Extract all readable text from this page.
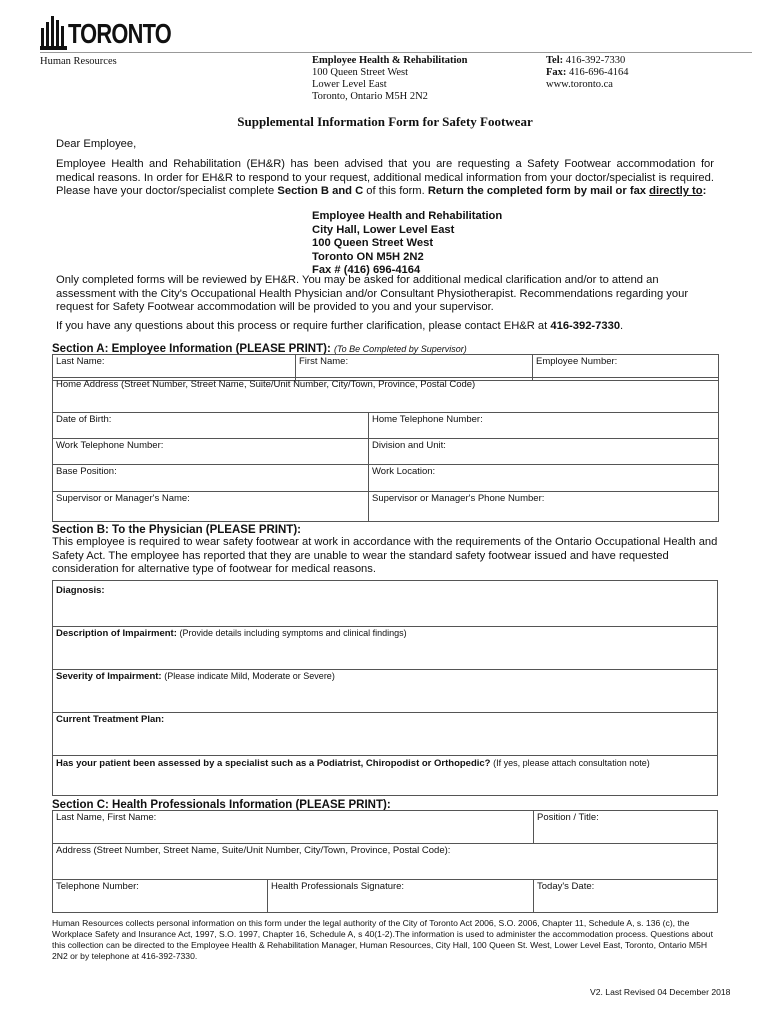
TORONTO
Human Resources	Employee Health & Rehabilitation
100 Queen Street West
Lower Level East
Toronto, Ontario M5H 2N2
Tel: 416-392-7330
Fax: 416-696-4164
www.toronto.ca
Supplemental Information Form for Safety Footwear
Dear Employee,
Employee Health and Rehabilitation (EH&R) has been advised that you are requesting a Safety Footwear accommodation for medical reasons. In order for EH&R to respond to your request, additional medical information from your doctor/specialist is required. Please have your doctor/specialist complete Section B and C of this form. Return the completed form by mail or fax directly to:
Employee Health and Rehabilitation
City Hall, Lower Level East
100 Queen Street West
Toronto ON M5H 2N2
Fax # (416) 696-4164
Only completed forms will be reviewed by EH&R. You may be asked for additional medical clarification and/or to attend an assessment with the City's Occupational Health Physician and/or Consultant Physiotherapist. Recommendations regarding your request for Safety Footwear accommodation will be provided to you and your supervisor.
If you have any questions about this process or require further clarification, please contact EH&R at 416-392-7330.
Section A: Employee Information (PLEASE PRINT): (To Be Completed by Supervisor)
Last Name:	First Name:	Employee Number:
Home Address (Street Number, Street Name, Suite/Unit Number, City/Town, Province, Postal Code)	
Date of Birth:	Home Telephone Number:
Work Telephone Number:	Division and Unit:
Base Position:	Work Location:
Supervisor or Manager's Name:	Supervisor or Manager's Phone Number:
Section B: To the Physician (PLEASE PRINT):
This employee is required to wear safety footwear at work in accordance with the requirements of the Ontario Occupational Health and Safety Act. The employee has reported that they are unable to wear the standard safety footwear issued and have requested consideration for alternative type of footwear for medical reasons.
Diagnosis:
Description of Impairment: (Provide details including symptoms and clinical findings)
Severity of Impairment: (Please indicate Mild, Moderate or Severe)
Current Treatment Plan:
Has your patient been assessed by a specialist such as a Podiatrist, Chiropodist or Orthopedic? (If yes, please attach consultation note)
Section C: Health Professionals Information (PLEASE PRINT):
Last Name, First Name:		Position / Title:
Address (Street Number, Street Name, Suite/Unit Number, City/Town, Province, Postal Code):		
Telephone Number:	Health Professionals Signature:	Today's Date:
Human Resources collects personal information on this form under the legal authority of the City of Toronto Act 2006, S.O. 2006, Chapter 11, Schedule A, s. 136 (c), the Workplace Safety and Insurance Act, 1997, S.O. 1997, Chapter 16, Schedule A, s 40(1-2).The information is used to administer the accommodation process. Questions about this collection can be directed to the Employee Health & Rehabilitation Manager, Human Resources, City Hall, 100 Queen St. West, Lower Level East, Toronto, Ontario M5H 2N2 or by telephone at 416-392-7330.
V2. Last Revised 04 December 2018
